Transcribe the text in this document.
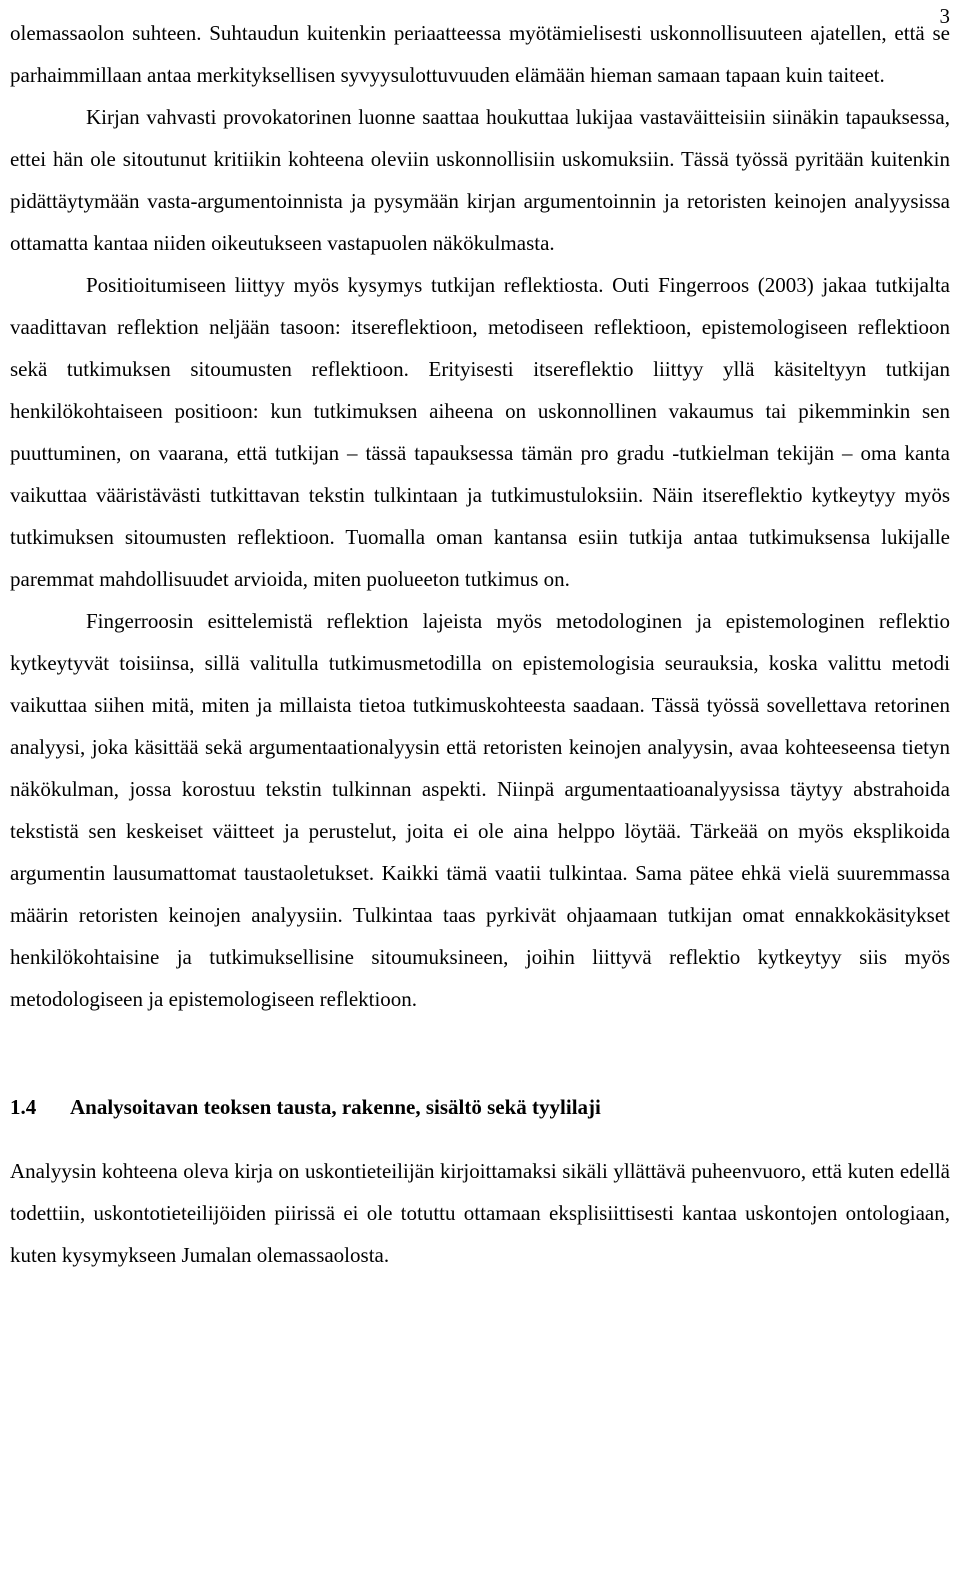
3

olemassaolon suhteen. Suhtaudun kuitenkin periaatteessa myötämielisesti uskonnollisuuteen ajatellen, että se parhaimmillaan antaa merkityksellisen syvyysulottuvuuden elämään hieman samaan tapaan kuin taiteet.

Kirjan vahvasti provokatorinen luonne saattaa houkuttaa lukijaa vastaväitteisiin siinäkin tapauksessa, ettei hän ole sitoutunut kritiikin kohteena oleviin uskonnollisiin uskomuksiin. Tässä työssä pyritään kuitenkin pidättäytymään vasta-argumentoinnista ja pysymään kirjan argumentoinnin ja retoristen keinojen analyysissa ottamatta kantaa niiden oikeutukseen vastapuolen näkökulmasta.

Positioitumiseen liittyy myös kysymys tutkijan reflektiosta. Outi Fingerroos (2003) jakaa tutkijalta vaadittavan reflektion neljään tasoon: itsereflektioon, metodiseen reflektioon, epistemologiseen reflektioon sekä tutkimuksen sitoumusten reflektioon. Erityisesti itsereflektio liittyy yllä käsiteltyyn tutkijan henkilökohtaiseen positioon: kun tutkimuksen aiheena on uskonnollinen vakaumus tai pikemminkin sen puuttuminen, on vaarana, että tutkijan – tässä tapauksessa tämän pro gradu -tutkielman tekijän – oma kanta vaikuttaa vääristävästi tutkittavan tekstin tulkintaan ja tutkimustuloksiin. Näin itsereflektio kytkeytyy myös tutkimuksen sitoumusten reflektioon. Tuomalla oman kantansa esiin tutkija antaa tutkimuksensa lukijalle paremmat mahdollisuudet arvioida, miten puolueeton tutkimus on.

Fingerroosin esittelemistä reflektion lajeista myös metodologinen ja epistemologinen reflektio kytkeytyvät toisiinsa, sillä valitulla tutkimusmetodilla on epistemologisia seurauksia, koska valittu metodi vaikuttaa siihen mitä, miten ja millaista tietoa tutkimuskohteesta saadaan. Tässä työssä sovellettava retorinen analyysi, joka käsittää sekä argumentaationalyysin että retoristen keinojen analyysin, avaa kohteeseensa tietyn näkökulman, jossa korostuu tekstin tulkinnan aspekti. Niinpä argumentaatioanalyysissa täytyy abstrahoida tekstistä sen keskeiset väitteet ja perustelut, joita ei ole aina helppo löytää. Tärkeää on myös eksplikoida argumentin lausumattomat taustaoletukset. Kaikki tämä vaatii tulkintaa. Sama pätee ehkä vielä suuremmassa määrin retoristen keinojen analyysiin. Tulkintaa taas pyrkivät ohjaamaan tutkijan omat ennakkokäsitykset henkilökohtaisine ja tutkimuksellisine sitoumuksineen, joihin liittyvä reflektio kytkeytyy siis myös metodologiseen ja epistemologiseen reflektioon.

1.4 Analysoitavan teoksen tausta, rakenne, sisältö sekä tyylilaji

Analyysin kohteena oleva kirja on uskontieteilijän kirjoittamaksi sikäli yllättävä puheenvuoro, että kuten edellä todettiin, uskontotieteilijöiden piirissä ei ole totuttu ottamaan eksplisiittisesti kantaa uskontojen ontologiaan, kuten kysymykseen Jumalan olemassaolosta.
